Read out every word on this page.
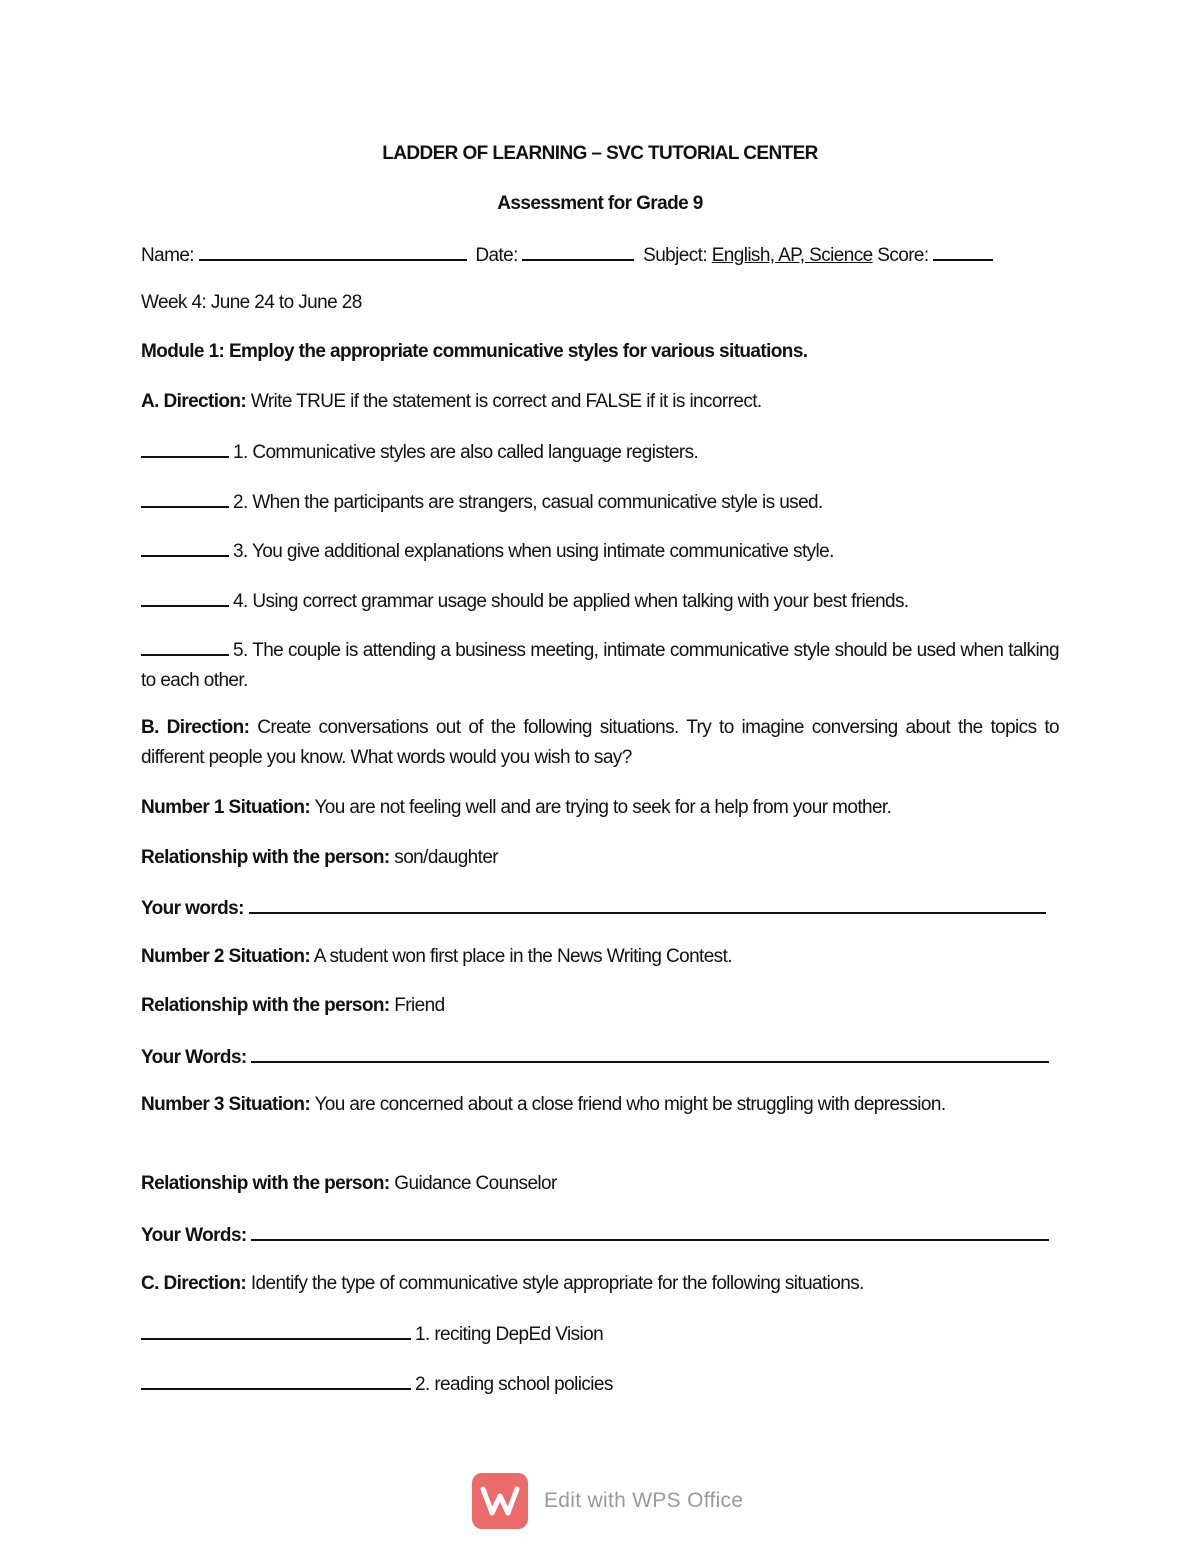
LADDER OF LEARNING – SVC TUTORIAL CENTER
Assessment for Grade 9
Name:	Date:	Subject: English, AP, Science Score:
Week 4: June 24 to June 28
Module 1: Employ the appropriate communicative styles for various situations.
A. Direction: Write TRUE if the statement is correct and FALSE if it is incorrect.
1. Communicative styles are also called language registers.
2. When the participants are strangers, casual communicative style is used.
3. You give additional explanations when using intimate communicative style.
4. Using correct grammar usage should be applied when talking with your best friends.
5. The couple is attending a business meeting, intimate communicative style should be used when talking to each other.
B. Direction: Create conversations out of the following situations. Try to imagine conversing about the topics to different people you know. What words would you wish to say?
Number 1 Situation: You are not feeling well and are trying to seek for a help from your mother.
Relationship with the person: son/daughter
Your words:
Number 2 Situation: A student won first place in the News Writing Contest.
Relationship with the person: Friend
Your Words:
Number 3 Situation: You are concerned about a close friend who might be struggling with depression.
Relationship with the person: Guidance Counselor
Your Words:
C. Direction: Identify the type of communicative style appropriate for the following situations.
1. reciting DepEd Vision
2. reading school policies
Edit with WPS Office
